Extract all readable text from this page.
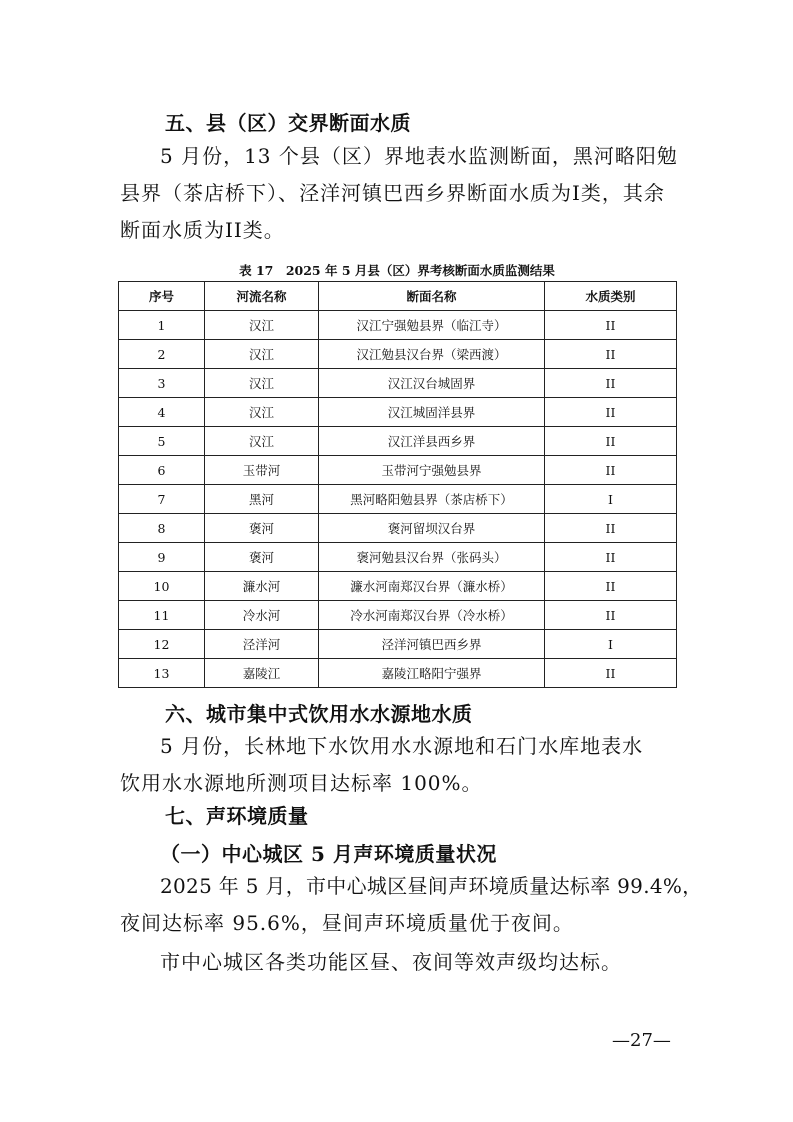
五、县（区）交界断面水质
5 月份，13 个县（区）界地表水监测断面，黑河略阳勉
县界（茶店桥下）、泾洋河镇巴西乡界断面水质为I类，其余
断面水质为II类。
表 17　2025 年 5 月县（区）界考核断面水质监测结果
序号	河流名称	断面名称	水质类别
1	汉江	汉江宁强勉县界（临江寺）	II
2	汉江	汉江勉县汉台界（梁西渡）	II
3	汉江	汉江汉台城固界	II
4	汉江	汉江城固洋县界	II
5	汉江	汉江洋县西乡界	II
6	玉带河	玉带河宁强勉县界	II
7	黑河	黑河略阳勉县界（茶店桥下）	I
8	褒河	褒河留坝汉台界	II
9	褒河	褒河勉县汉台界（张码头）	II
10	濂水河	濂水河南郑汉台界（濂水桥）	II
11	冷水河	冷水河南郑汉台界（冷水桥）	II
12	泾洋河	泾洋河镇巴西乡界	I
13	嘉陵江	嘉陵江略阳宁强界	II
六、城市集中式饮用水水源地水质
5 月份，长林地下水饮用水水源地和石门水库地表水
饮用水水源地所测项目达标率 100%。
七、声环境质量
（一）中心城区 5 月声环境质量状况
2025 年 5 月，市中心城区昼间声环境质量达标率 99.4%，
夜间达标率 95.6%，昼间声环境质量优于夜间。
市中心城区各类功能区昼、夜间等效声级均达标。
—27—
